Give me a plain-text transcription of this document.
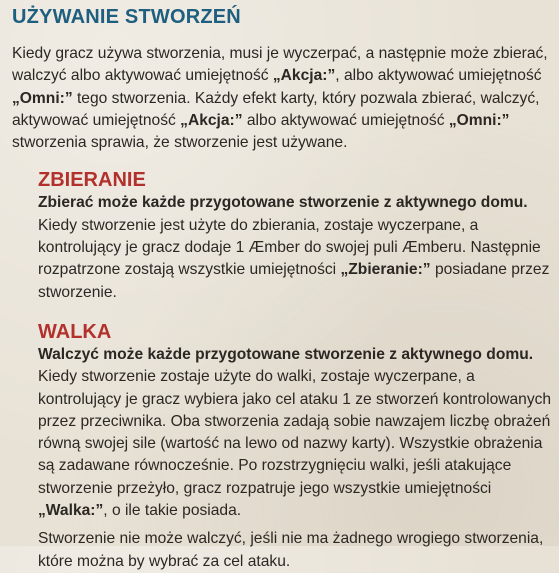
UŻYWANIE STWORZEŃ

Kiedy gracz używa stworzenia, musi je wyczerpać, a następnie może zbierać, walczyć albo aktywować umiejętność „Akcja:”, albo aktywować umiejętność „Omni:” tego stworzenia. Każdy efekt karty, który pozwala zbierać, walczyć, aktywować umiejętność „Akcja:” albo aktywować umiejętność „Omni:” stworzenia sprawia, że stworzenie jest używane.

ZBIERANIE

Zbierać może każde przygotowane stworzenie z aktywnego domu. Kiedy stworzenie jest użyte do zbierania, zostaje wyczerpane, a kontrolujący je gracz dodaje 1 Æmber do swojej puli Æmberu. Następnie rozpatrzone zostają wszystkie umiejętności „Zbieranie:” posiadane przez stworzenie.

WALKA

Walczyć może każde przygotowane stworzenie z aktywnego domu. Kiedy stworzenie zostaje użyte do walki, zostaje wyczerpane, a kontrolujący je gracz wybiera jako cel ataku 1 ze stworzeń kontrolowanych przez przeciwnika. Oba stworzenia zadają sobie nawzajem liczbę obrażeń równą swojej sile (wartość na lewo od nazwy karty). Wszystkie obrażenia są zadawane równocześnie. Po rozstrzygnięciu walki, jeśli atakujące stworzenie przeżyło, gracz rozpatruje jego wszystkie umiejętności „Walka:”, o ile takie posiada.

Stworzenie nie może walczyć, jeśli nie ma żadnego wrogiego stworzenia, które można by wybrać za cel ataku.
